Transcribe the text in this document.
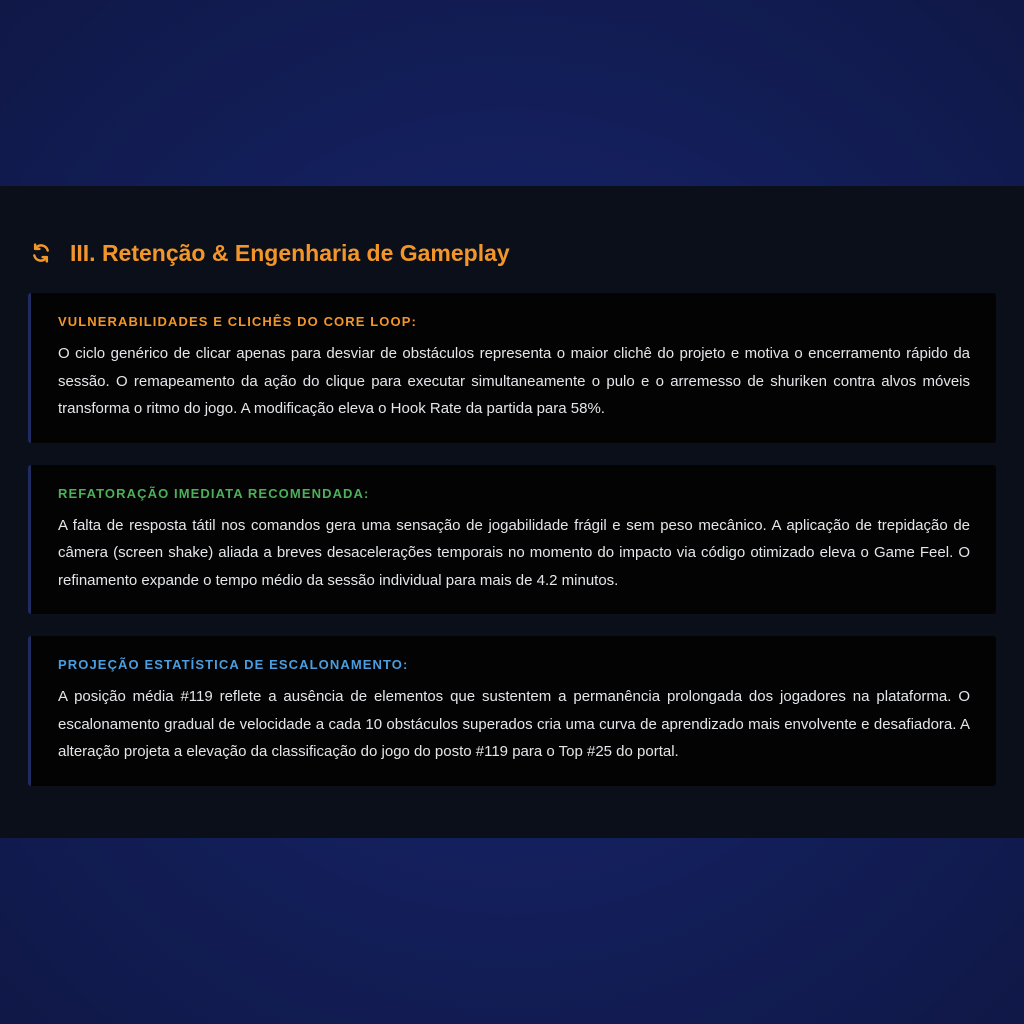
III. Retenção & Engenharia de Gameplay
VULNERABILIDADES E CLICHÊS DO CORE LOOP:
O ciclo genérico de clicar apenas para desviar de obstáculos representa o maior clichê do projeto e motiva o encerramento rápido da sessão. O remapeamento da ação do clique para executar simultaneamente o pulo e o arremesso de shuriken contra alvos móveis transforma o ritmo do jogo. A modificação eleva o Hook Rate da partida para 58%.
REFATORAÇÃO IMEDIATA RECOMENDADA:
A falta de resposta tátil nos comandos gera uma sensação de jogabilidade frágil e sem peso mecânico. A aplicação de trepidação de câmera (screen shake) aliada a breves desacelerações temporais no momento do impacto via código otimizado eleva o Game Feel. O refinamento expande o tempo médio da sessão individual para mais de 4.2 minutos.
PROJEÇÃO ESTATÍSTICA DE ESCALONAMENTO:
A posição média #119 reflete a ausência de elementos que sustentem a permanência prolongada dos jogadores na plataforma. O escalonamento gradual de velocidade a cada 10 obstáculos superados cria uma curva de aprendizado mais envolvente e desafiadora. A alteração projeta a elevação da classificação do jogo do posto #119 para o Top #25 do portal.
